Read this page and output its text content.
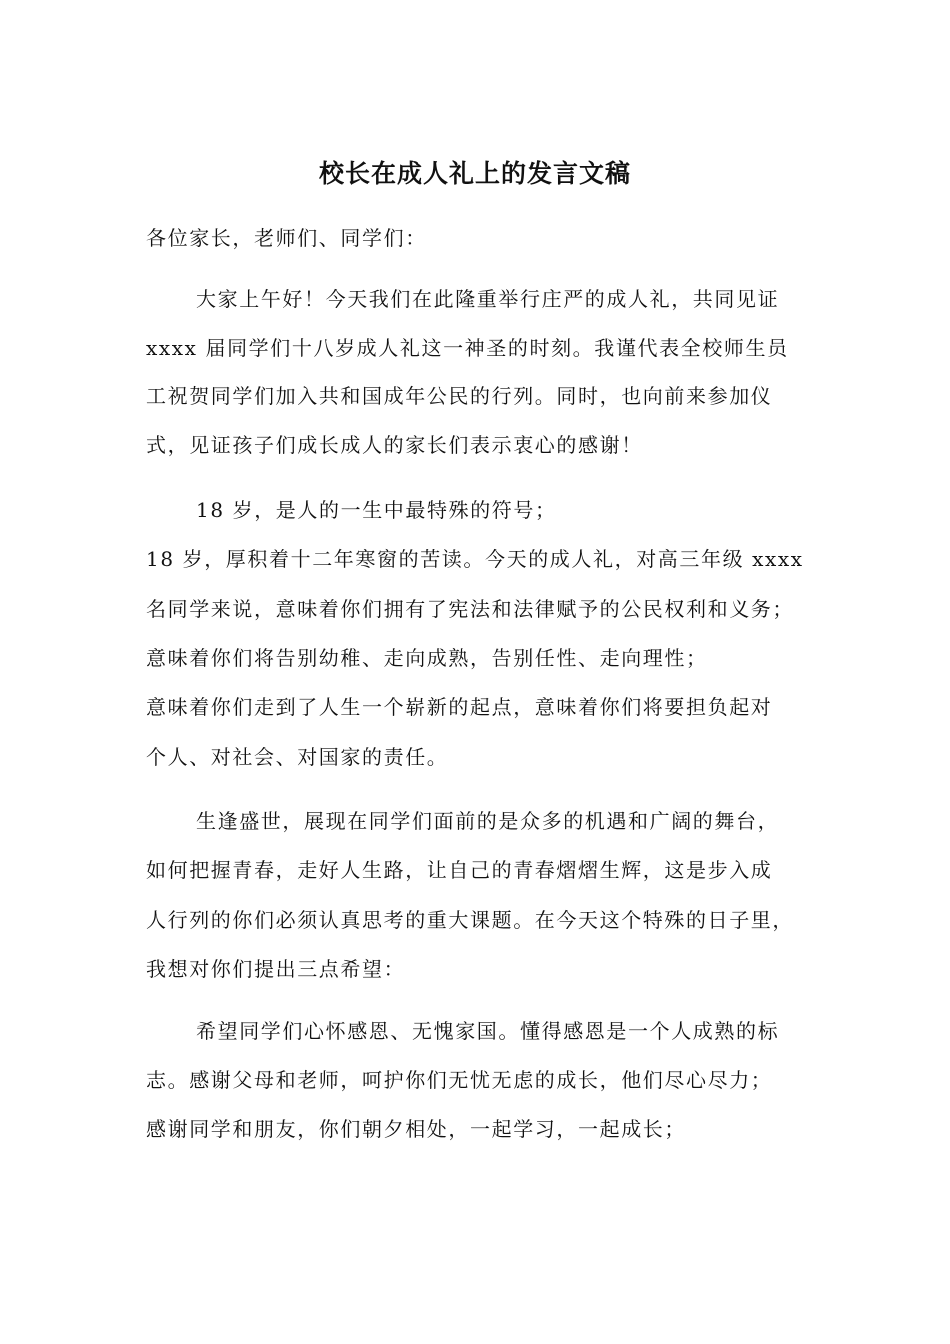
校长在成人礼上的发言文稿
各位家长，老师们、同学们：
大家上午好！今天我们在此隆重举行庄严的成人礼，共同见证
xxxx 届同学们十八岁成人礼这一神圣的时刻。我谨代表全校师生员
工祝贺同学们加入共和国成年公民的行列。同时，也向前来参加仪
式，见证孩子们成长成人的家长们表示衷心的感谢！
18 岁，是人的一生中最特殊的符号；
18 岁，厚积着十二年寒窗的苦读。今天的成人礼，对高三年级 xxxx
名同学来说，意味着你们拥有了宪法和法律赋予的公民权利和义务；
意味着你们将告别幼稚、走向成熟，告别任性、走向理性；
意味着你们走到了人生一个崭新的起点，意味着你们将要担负起对
个人、对社会、对国家的责任。
生逢盛世，展现在同学们面前的是众多的机遇和广阔的舞台，
如何把握青春，走好人生路，让自己的青春熠熠生辉，这是步入成
人行列的你们必须认真思考的重大课题。在今天这个特殊的日子里，
我想对你们提出三点希望：
希望同学们心怀感恩、无愧家国。懂得感恩是一个人成熟的标
志。感谢父母和老师，呵护你们无忧无虑的成长，他们尽心尽力；
感谢同学和朋友，你们朝夕相处，一起学习，一起成长；
